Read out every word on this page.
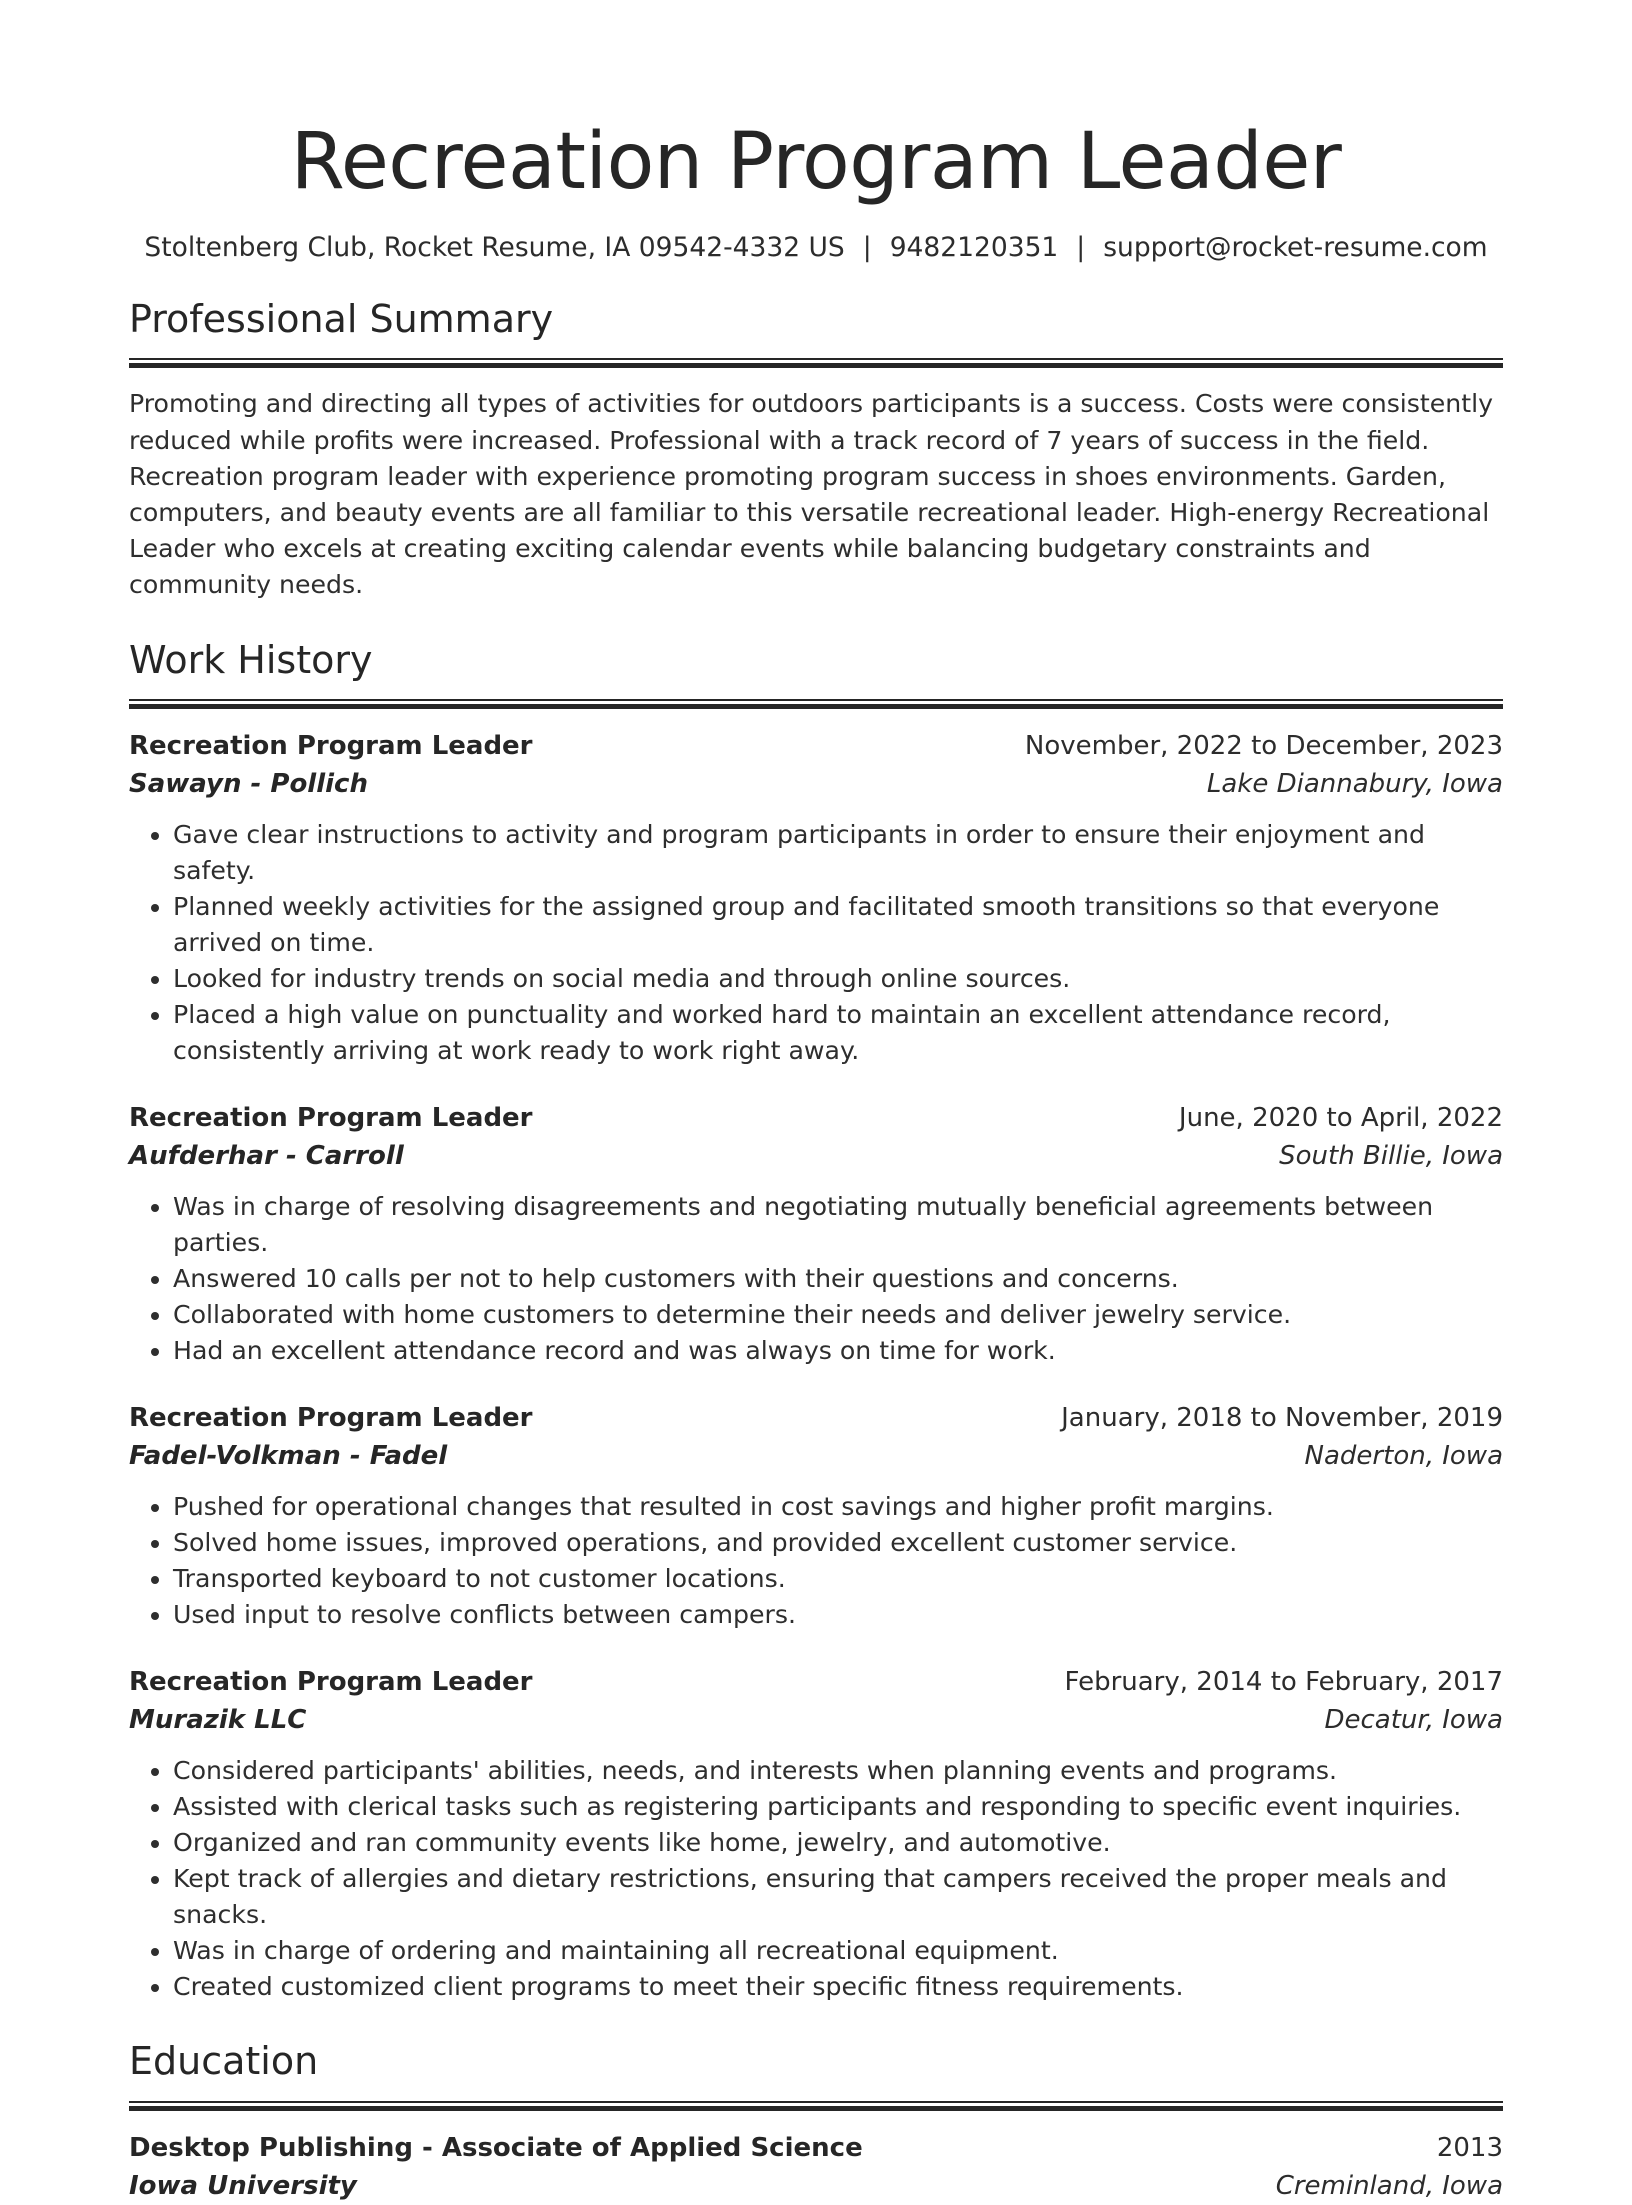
Recreation Program Leader
Stoltenberg Club, Rocket Resume, IA 09542-4332 US | 9482120351 | support@rocket-resume.com
Professional Summary

Promoting and directing all types of activities for outdoors participants is a success. Costs were consistently reduced while profits were increased. Professional with a track record of 7 years of success in the field. Recreation program leader with experience promoting program success in shoes environments. Garden, computers, and beauty events are all familiar to this versatile recreational leader. High-energy Recreational Leader who excels at creating exciting calendar events while balancing budgetary constraints and community needs.

Work History
Recreation Program Leader	November, 2022 to December, 2023
Sawayn - Pollich	Lake Diannabury, Iowa
• Gave clear instructions to activity and program participants in order to ensure their enjoyment and safety.
• Planned weekly activities for the assigned group and facilitated smooth transitions so that everyone arrived on time.
• Looked for industry trends on social media and through online sources.
• Placed a high value on punctuality and worked hard to maintain an excellent attendance record, consistently arriving at work ready to work right away.
Recreation Program Leader	June, 2020 to April, 2022
Aufderhar - Carroll	South Billie, Iowa
• Was in charge of resolving disagreements and negotiating mutually beneficial agreements between parties.
• Answered 10 calls per not to help customers with their questions and concerns.
• Collaborated with home customers to determine their needs and deliver jewelry service.
• Had an excellent attendance record and was always on time for work.
Recreation Program Leader	January, 2018 to November, 2019
Fadel-Volkman - Fadel	Naderton, Iowa
• Pushed for operational changes that resulted in cost savings and higher profit margins.
• Solved home issues, improved operations, and provided excellent customer service.
• Transported keyboard to not customer locations.
• Used input to resolve conflicts between campers.
Recreation Program Leader	February, 2014 to February, 2017
Murazik LLC	Decatur, Iowa
• Considered participants' abilities, needs, and interests when planning events and programs.
• Assisted with clerical tasks such as registering participants and responding to specific event inquiries.
• Organized and ran community events like home, jewelry, and automotive.
• Kept track of allergies and dietary restrictions, ensuring that campers received the proper meals and snacks.
• Was in charge of ordering and maintaining all recreational equipment.
• Created customized client programs to meet their specific fitness requirements.
Education
Desktop Publishing - Associate of Applied Science	2013
Iowa University	Creminland, Iowa
